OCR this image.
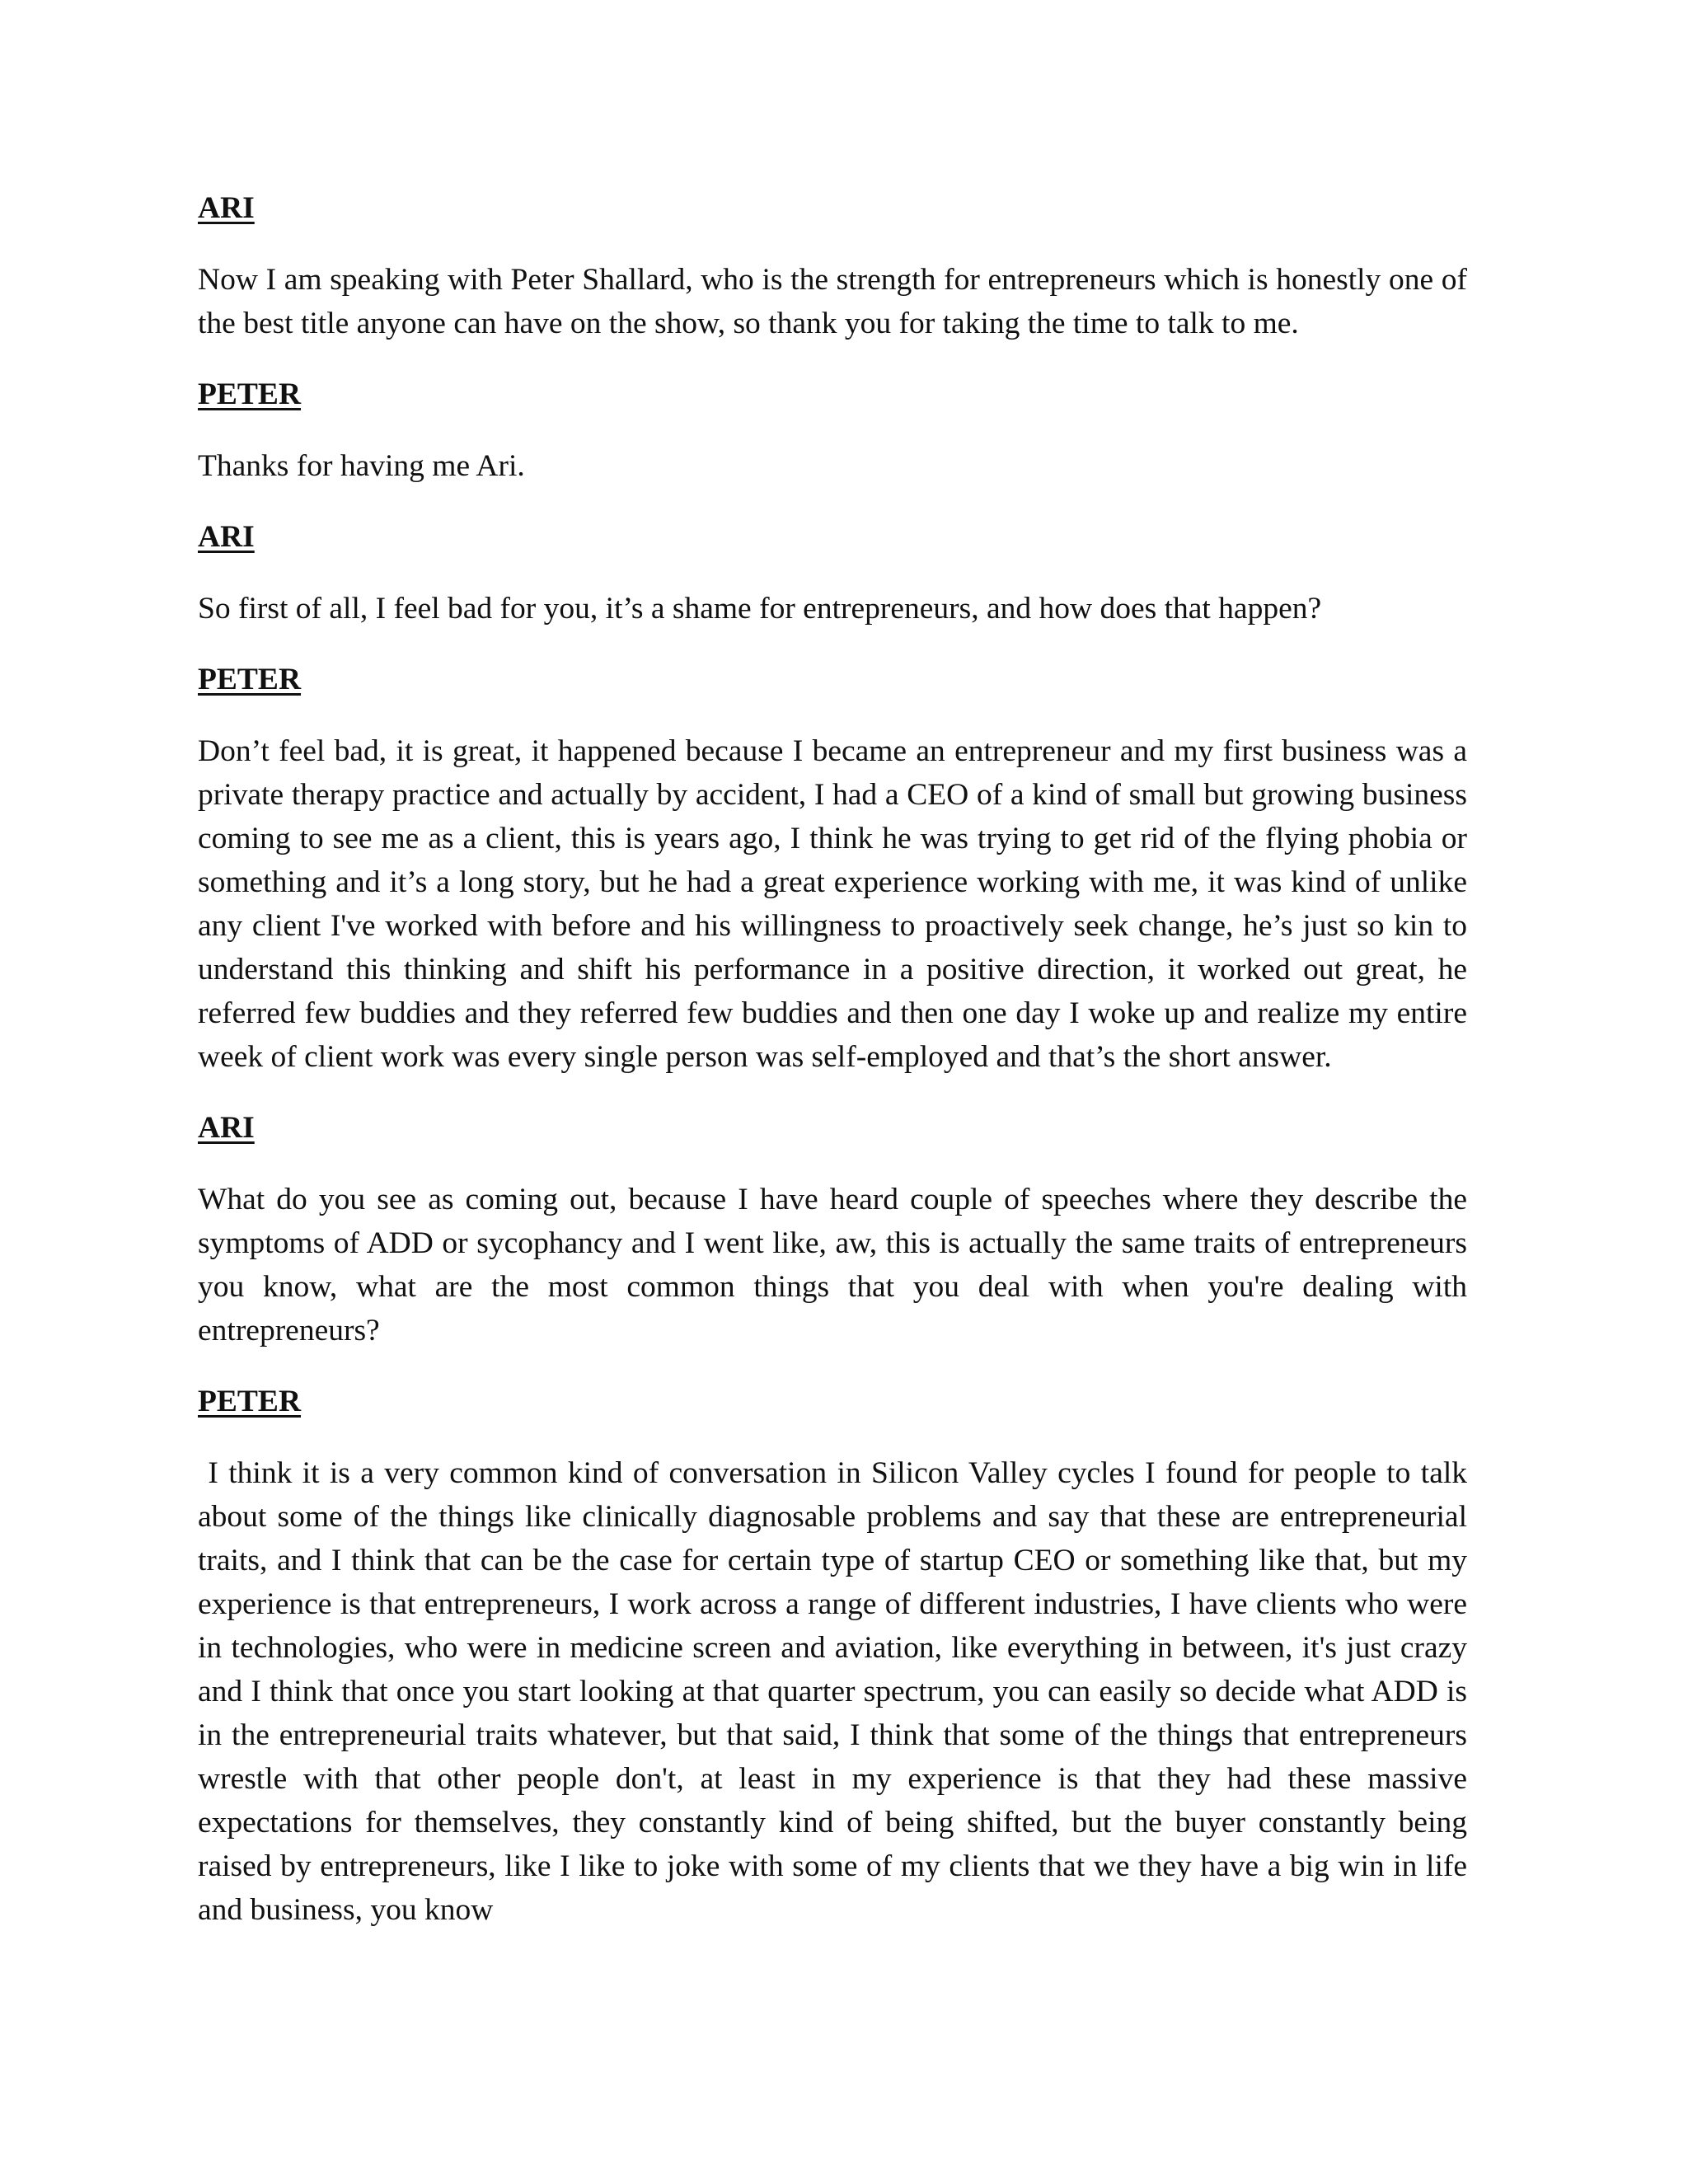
ARI

Now I am speaking with Peter Shallard, who is the strength for entrepreneurs which is honestly one of the best title anyone can have on the show, so thank you for taking the time to talk to me.

PETER

Thanks for having me Ari.

ARI

So first of all, I feel bad for you, it’s a shame for entrepreneurs, and how does that happen?

PETER

Don’t feel bad, it is great, it happened because I became an entrepreneur and my first business was a private therapy practice and actually by accident, I had a CEO of a kind of small but growing business coming to see me as a client, this is years ago, I think he was trying to get rid of the flying phobia or something and it’s a long story, but he had a great experience working with me, it was kind of unlike any client I've worked with before and his willingness to proactively seek change, he’s just so kin to understand this thinking and shift his performance in a positive direction, it worked out great, he referred few buddies and they referred few buddies and then one day I woke up and realize my entire week of client work was every single person was self-employed and that’s the short answer.

ARI

What do you see as coming out, because I have heard couple of speeches where they describe the symptoms of ADD or sycophancy and I went like, aw, this is actually the same traits of entrepreneurs you know, what are the most common things that you deal with when you're dealing with entrepreneurs?

PETER

I think it is a very common kind of conversation in Silicon Valley cycles I found for people to talk about some of the things like clinically diagnosable problems and say that these are entrepreneurial traits, and I think that can be the case for certain type of startup CEO or something like that, but my experience is that entrepreneurs, I work across a range of different industries, I have clients who were in technologies, who were in medicine screen and aviation, like everything in between, it's just crazy and I think that once you start looking at that quarter spectrum, you can easily so decide what ADD is in the entrepreneurial traits whatever, but that said, I think that some of the things that entrepreneurs wrestle with that other people don't, at least in my experience is that they had these massive expectations for themselves, they constantly kind of being shifted, but the buyer constantly being raised by entrepreneurs, like I like to joke with some of my clients that we they have a big win in life and business, you know
